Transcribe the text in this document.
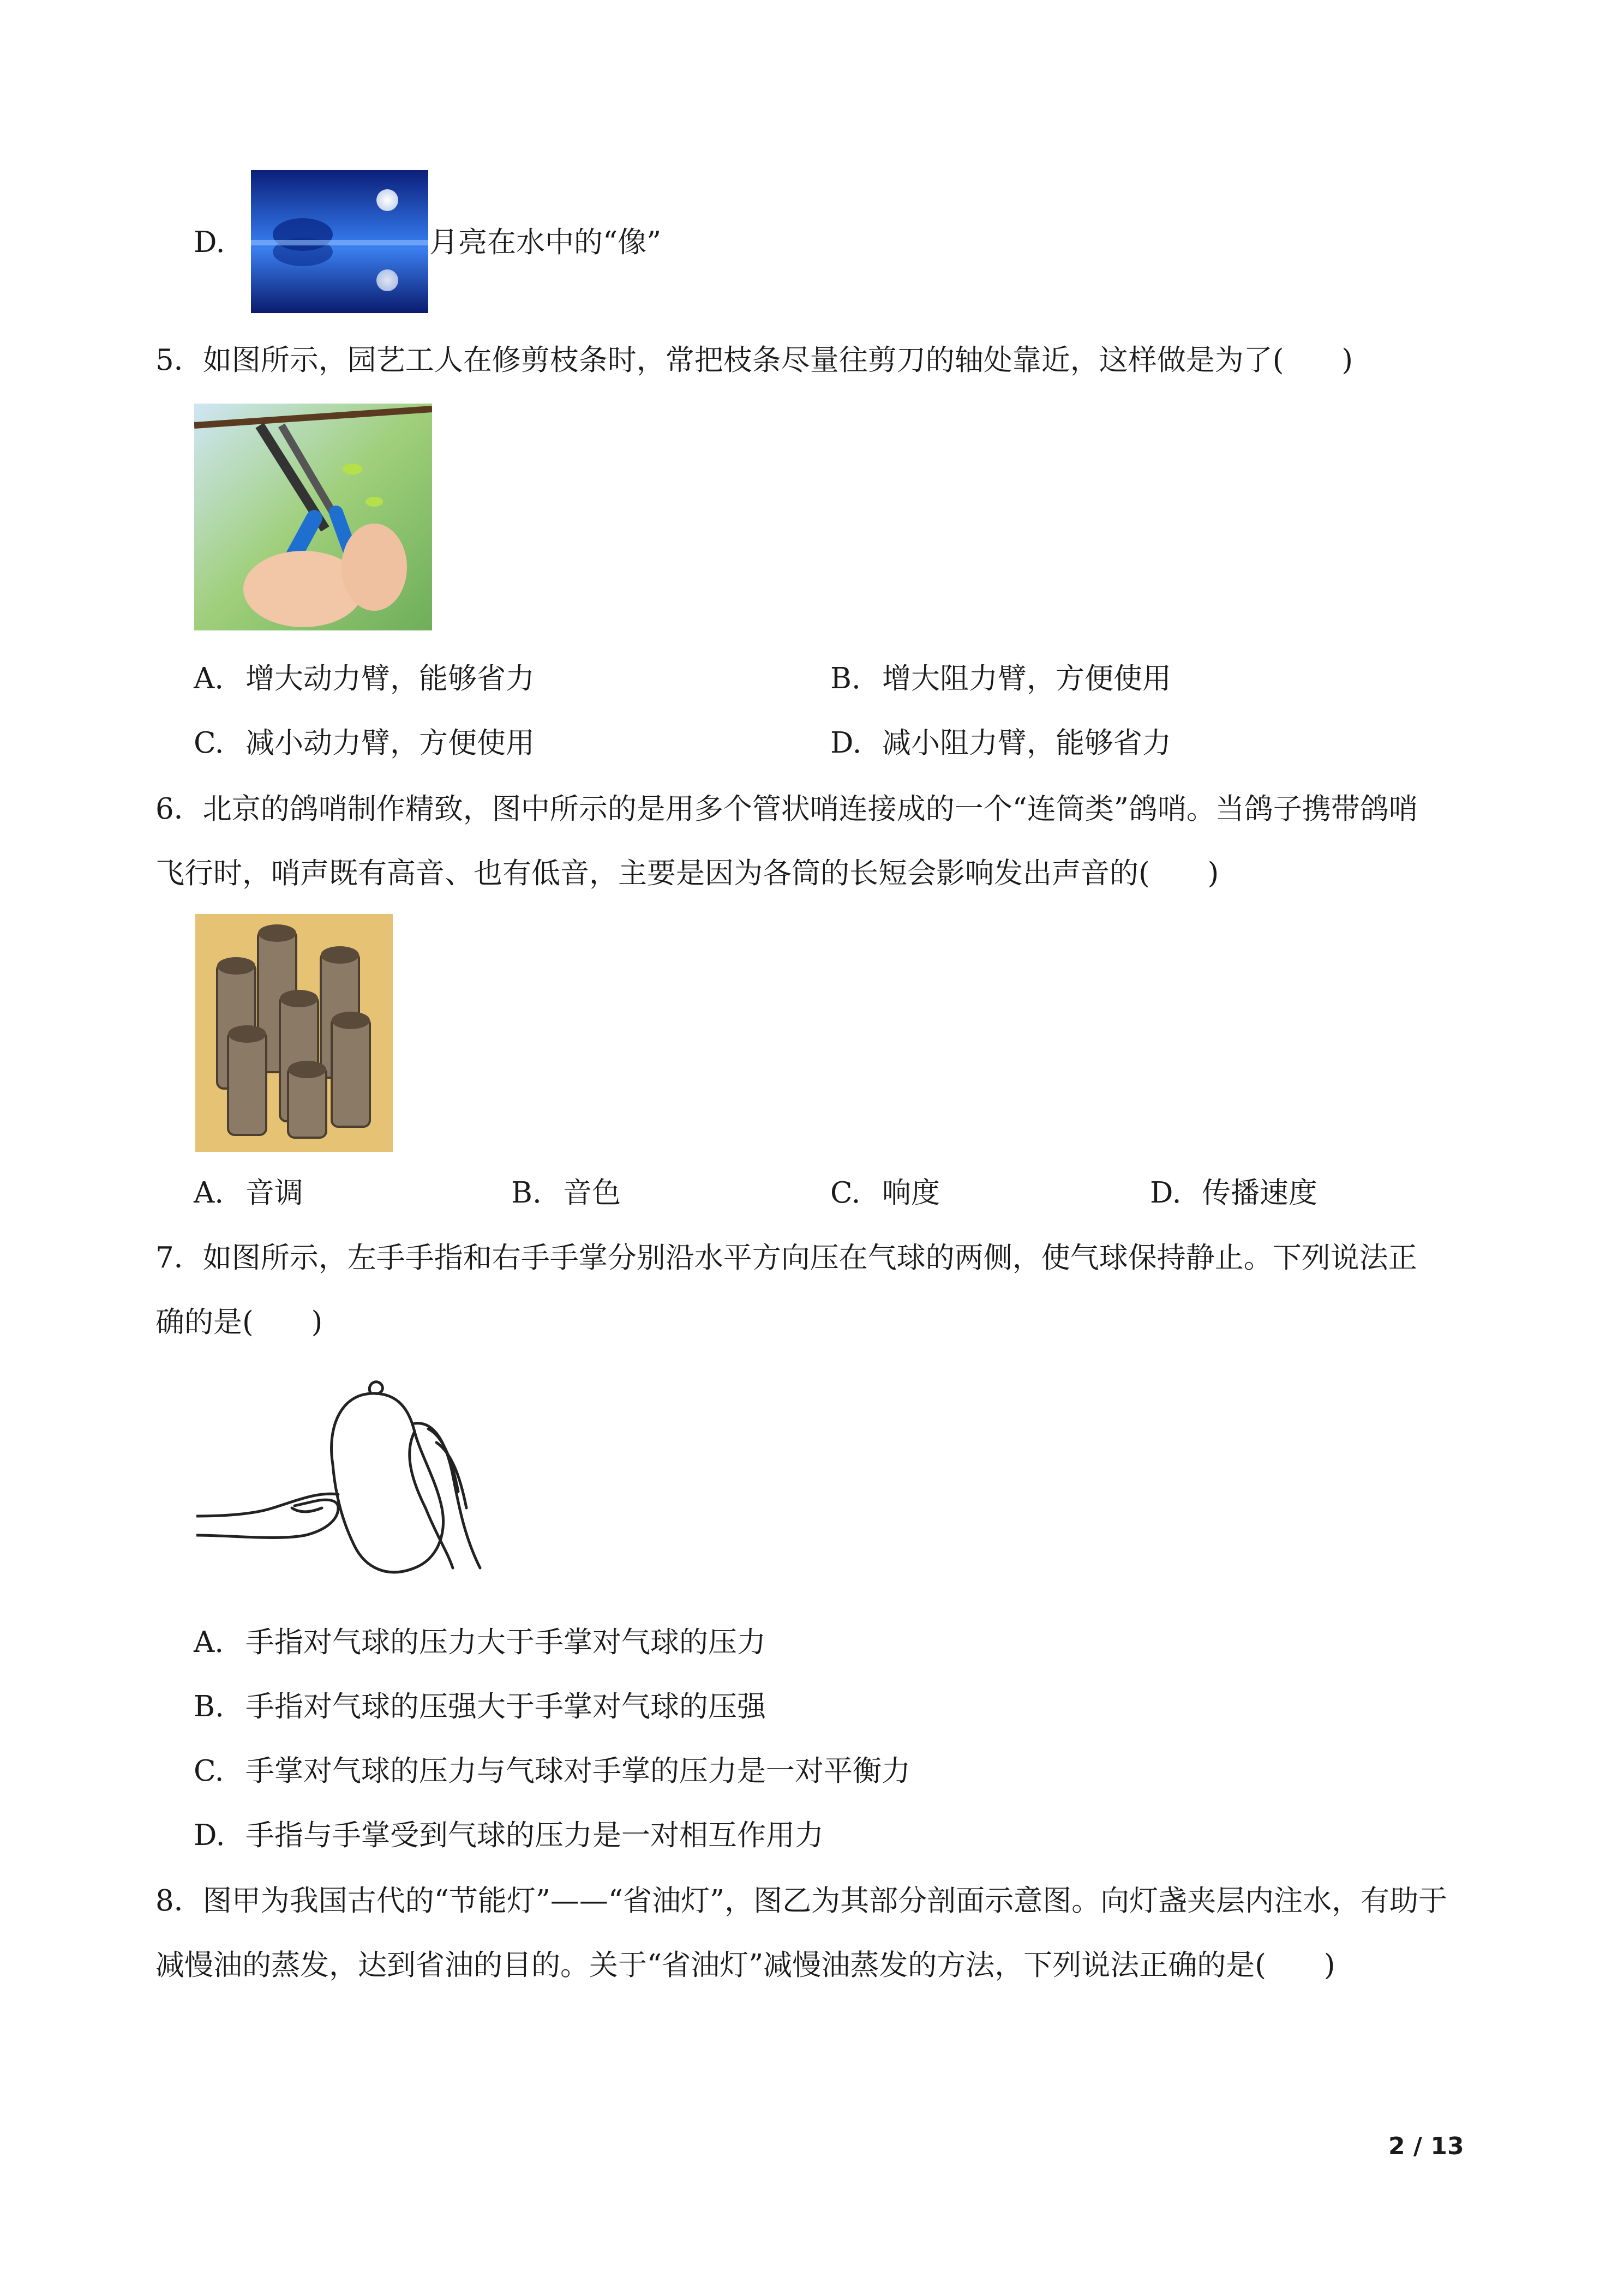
D.	月亮在水中的“像”
5．如图所示，园艺工人在修剪枝条时，常把枝条尽量往剪刀的轴处靠近，这样做是为了(　　)
A. 增大动力臂，能够省力	B. 增大阻力臂，方便使用
C. 减小动力臂，方便使用	D. 减小阻力臂，能够省力
6．北京的鸽哨制作精致，图中所示的是用多个管状哨连接成的一个“连筒类”鸽哨。当鸽子携带鸽哨
飞行时，哨声既有高音、也有低音，主要是因为各筒的长短会影响发出声音的(　　)
A. 音调	B. 音色	C. 响度	D. 传播速度
7．如图所示，左手手指和右手手掌分别沿水平方向压在气球的两侧，使气球保持静止。下列说法正
确的是(　　)
A. 手指对气球的压力大于手掌对气球的压力
B. 手指对气球的压强大于手掌对气球的压强
C. 手掌对气球的压力与气球对手掌的压力是一对平衡力
D. 手指与手掌受到气球的压力是一对相互作用力
8．图甲为我国古代的“节能灯”——“省油灯”，图乙为其部分剖面示意图。向灯盏夹层内注水，有助于
减慢油的蒸发，达到省油的目的。关于“省油灯”减慢油蒸发的方法，下列说法正确的是(　　)
2 / 13
